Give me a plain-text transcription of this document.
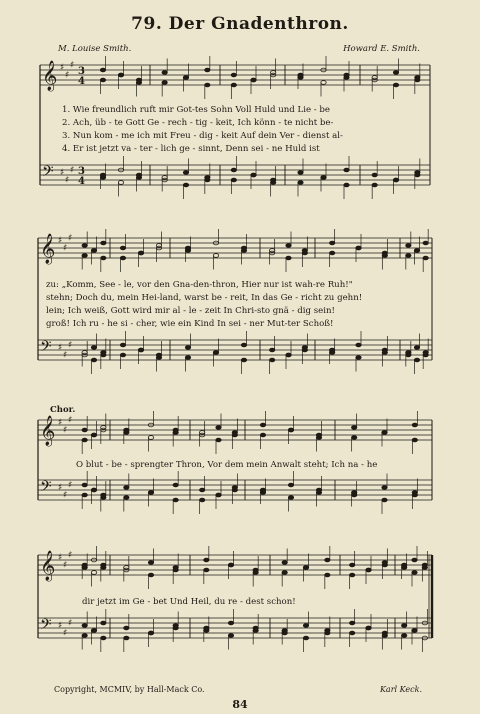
79. Der Gnadenthron.
M. Louise Smith.	Howard E. Smith.
𝄞
𝄢
♯
♯
♯
♯
♯
♯
3
3
4
4
𝄞
𝄢
♯
♯
♯
♯
♯
♯
𝄞
𝄢
♯
♯
♯
♯
♯
♯
𝄞
𝄢
♯
♯
♯
♯
♯
♯
1. Wie freundlich ruft mir Got-tes Sohn Voll Huld und Lie - be
2. Ach, üb - te Gott Ge - rech - tig - keit, Ich könn - te nicht be-
3. Nun kom - me ich mit Freu - dig - keit Auf dein Ver - dienst al-
4. Er ist jetzt va - ter - lich ge - sinnt, Denn sei - ne Huld ist
zu: „Komm, See - le, vor den Gna-den-thron, Hier nur ist wah-re Ruh!"
stehn; Doch du, mein Hei-land, warst be - reit, In das Ge - richt zu gehn!
lein; Ich weiß, Gott wird mir al - le - zeit In Chri-sto gnä - dig sein!
groß! Ich ru - he si - cher, wie ein Kind In sei - ner Mut-ter Schoß!
Chor.
O blut - be - sprengter Thron, Vor dem mein Anwalt steht; Ich na - he
dir jetzt im Ge - bet Und Heil, du re - dest schon!
Copyright, MCMIV, by Hall-Mack Co.	Karl Keck.
84
